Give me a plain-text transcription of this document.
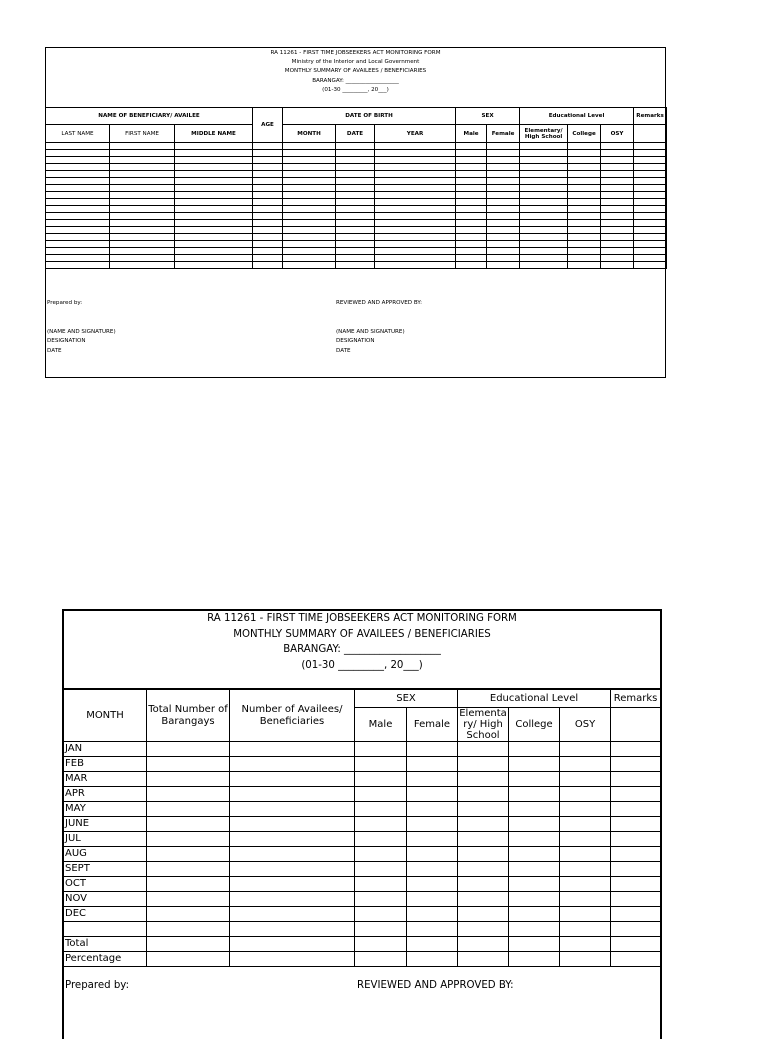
RA 11261 - FIRST TIME JOBSEEKERS ACT MONITORING FORM
Ministry of the Interior and Local Government
MONTHLY SUMMARY OF AVAILEES / BENEFICIARIES
BARANGAY: ___________________
(01-30 _________, 20___)
NAME OF BENEFICIARY/ AVAILEE			AGE	DATE OF BIRTH			SEX		Educational Level			Remarks
LAST NAME	FIRST NAME	MIDDLE NAME		MONTH	DATE	YEAR	Male	Female	Elementary/ High School	College	OSY	

Prepared by:
(NAME AND SIGNATURE)
DESIGNATION
DATE
REVIEWED AND APPROVED BY:
(NAME AND SIGNATURE)
DESIGNATION
DATE
RA 11261 - FIRST TIME JOBSEEKERS ACT MONITORING FORM
MONTHLY SUMMARY OF AVAILEES / BENEFICIARIES
BARANGAY: ___________________
(01-30 _________, 20___)
MONTH	Total Number of Barangays	Number of Availees/ Beneficiaries	SEX		Educational Level			Remarks
			Male	Female	Elementa ry/ High School	College	OSY	
JAN								
FEB								
MAR								
APR								
MAY								
JUNE								
JUL								
AUG								
SEPT								
OCT								
NOV								
DEC								

Total								
Percentage								
Prepared by:	REVIEWED AND APPROVED BY:
